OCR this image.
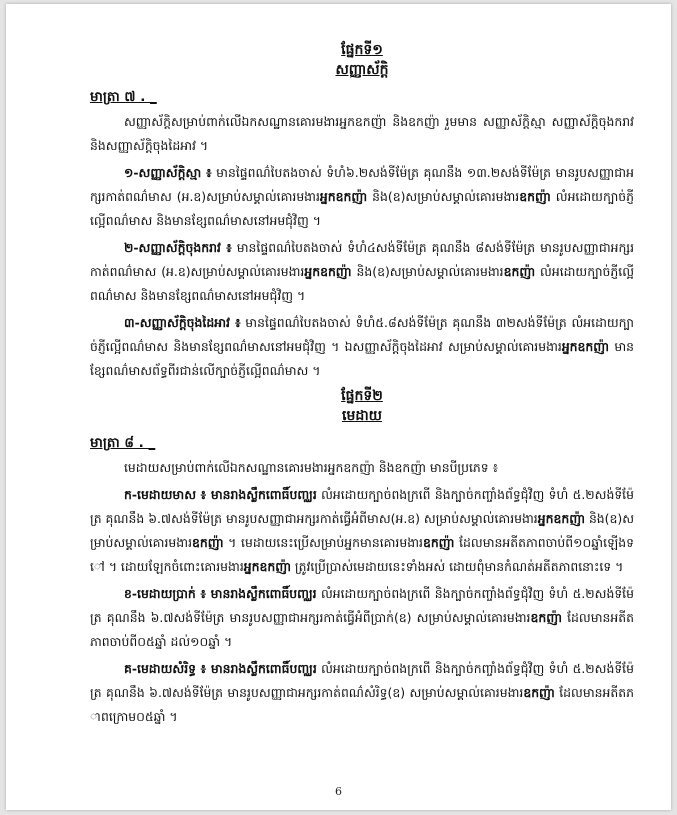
ផ្នែកទី១
សញ្ញាស័ក្តិ
មាត្រា ៧ . _

សញ្ញាស័ក្តិសម្រាប់ពាក់លើឯកសណ្ឋានគោរមងារអ្នកឧកញ៉ា និងឧកញ៉ា រួមមាន សញ្ញាស័ក្តិស្មា សញ្ញាស័ក្តិចុងករាវ និងសញ្ញាស័ក្តិចុងដៃអាវ ។

១-សញ្ញាស័ក្តិស្មា ៖ មានផ្ទៃពណ៌បៃតងចាស់ ទំហំ៦.២សង់ទីម៉ែត្រ គុណនឹង ១៣.២សង់ទីម៉ែត្រ មានរូបសញ្ញាជាអក្សរកាត់ពណ៌មាស (អ.ឧ)សម្រាប់សម្គាល់គោរមងារអ្នកឧកញ៉ា និង(ឧ)សម្រាប់សម្គាល់គោរមងារឧកញ៉ា លំអដោយក្បាច់ភ្ញីល្អើពណ៌មាស និងមានខ្សែពណ៌មាសនៅអមជុំវិញ ។

២-សញ្ញាស័ក្តិចុងករាវ ៖ មានផ្ទៃពណ៌បៃតងចាស់ ទំហំ៤សង់ទីម៉ែត្រ គុណនឹង ៨សង់ទីម៉ែត្រ មានរូបសញ្ញាជាអក្សរកាត់ពណ៌មាស (អ.ឧ)សម្រាប់សម្គាល់គោរមងារអ្នកឧកញ៉ា និង(ឧ)សម្រាប់សម្គាល់គោរមងារឧកញ៉ា លំអដោយក្បាច់ភ្ញីល្អើពណ៌មាស និងមានខ្សែពណ៌មាសនៅអមជុំវិញ ។

៣-សញ្ញាស័ក្តិចុងដៃអាវ ៖ មានផ្ទៃពណ៌បៃតងចាស់ ទំហំ៥.៨សង់ទីម៉ែត្រ គុណនឹង ៣២សង់ទីម៉ែត្រ លំអដោយក្បាច់ភ្ញីល្អើពណ៌មាស និងមានខ្សែពណ៌មាសនៅអមជុំវិញ ។ ឯសញ្ញាស័ក្តិចុងដៃអាវ សម្រាប់សម្គាល់គោរមងារអ្នកឧកញ៉ា មានខ្សែពណ៌មាសព័ទ្ធពីរជាន់លើក្បាច់ភ្ញីល្អើពណ៌មាស ។

ផ្នែកទី២
មេដាយ
មាត្រា ៨ . _

មេដាយសម្រាប់ពាក់លើឯកសណ្ឋានគោរមងារអ្នកឧកញ៉ា និងឧកញ៉ា មានបីប្រភេទ ៖

ក-មេដាយមាស ៖ មានរាងស្លឹកពោធិ៍បញ្ឈរ លំអដោយក្បាច់ពងក្រពើ និងក្បាច់កញ្ចាំងព័ទ្ធជុំវិញ ទំហំ ៥.២សង់ទីម៉ែត្រ គុណនឹង ៦.៧សង់ទីម៉ែត្រ មានរូបសញ្ញាជាអក្សរកាត់ធ្វើអំពីមាស(អ.ឧ) សម្រាប់សម្គាល់គោរមងារអ្នកឧកញ៉ា និង(ឧ)សម្រាប់សម្គាល់គោរមងារឧកញ៉ា ។ មេដាយនេះប្រើសម្រាប់អ្នកមានគោរមងារឧកញ៉ា ដែលមានអតីតភាពចាប់ពី១០ឆ្នាំឡើងទៅ ។ ដោយឡែកចំពោះគោរមងារអ្នកឧកញ៉ា ត្រូវប្រើប្រាស់មេដាយនេះទាំងអស់ ដោយពុំមានកំណត់អតីតភាពនោះទេ ។

ខ-មេដាយប្រាក់ ៖ មានរាងស្លឹកពោធិ៍បញ្ឈរ លំអដោយក្បាច់ពងក្រពើ និងក្បាច់កញ្ចាំងព័ទ្ធជុំវិញ ទំហំ ៥.២សង់ទីម៉ែត្រ គុណនឹង ៦.៧សង់ទីម៉ែត្រ មានរូបសញ្ញាជាអក្សរកាត់ធ្វើអំពីប្រាក់(ឧ) សម្រាប់សម្គាល់គោរមងារឧកញ៉ា ដែលមានអតីតភាពចាប់ពី០៥ឆ្នាំ ដល់១០ឆ្នាំ ។

គ-មេដាយសំរិទ្ធ ៖ មានរាងស្លឹកពោធិ៍បញ្ឈរ លំអដោយក្បាច់ពងក្រពើ និងក្បាច់កញ្ចាំងព័ទ្ធជុំវិញ ទំហំ ៥.២សង់ទីម៉ែត្រ គុណនឹង ៦.៧សង់ទីម៉ែត្រ មានរូបសញ្ញាជាអក្សរកាត់ពណ៌សំរិទ្ធ(ឧ) សម្រាប់សម្គាល់គោរមងារឧកញ៉ា ដែលមានអតីតភាពក្រោម០៥ឆ្នាំ ។

6
